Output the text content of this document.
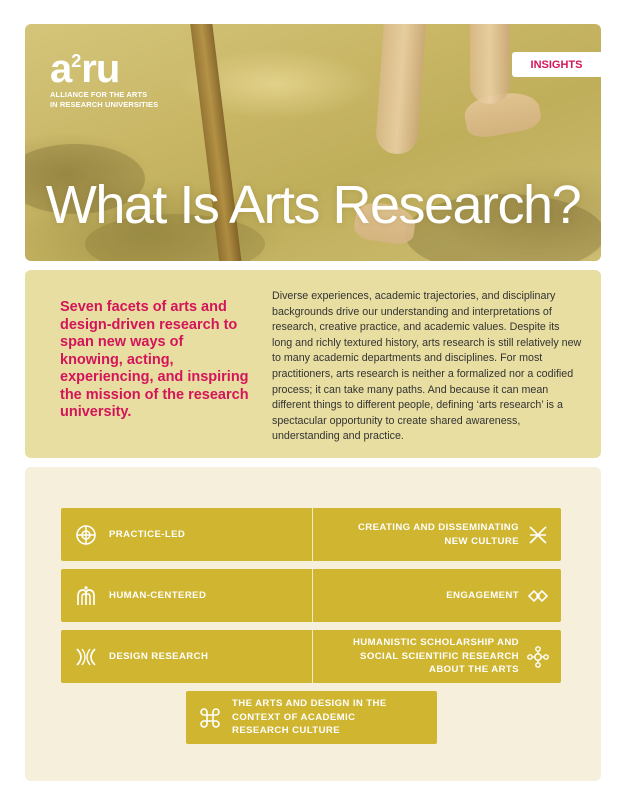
a 2 ru
ALLIANCE FOR THE ARTS
IN RESEARCH UNIVERSITIES
INSIGHTS
What Is Arts Research?
Seven facets of arts and design-driven research to span new ways of knowing, acting, experiencing, and inspiring the mission of the research university.
Diverse experiences, academic trajectories, and disciplinary backgrounds drive our understanding and interpretations of research, creative practice, and academic values. Despite its long and richly textured history, arts research is still relatively new to many academic departments and disciplines. For most practitioners, arts research is neither a formalized nor a codified process; it can take many paths. And because it can mean different things to different people, defining ‘arts research’ is a spectacular opportunity to create shared awareness, understanding and practice.
PRACTICE-LED
CREATING AND DISSEMINATING
NEW CULTURE
HUMAN-CENTERED	ENGAGEMENT
DESIGN RESEARCH
HUMANISTIC SCHOLARSHIP AND
SOCIAL SCIENTIFIC RESEARCH
ABOUT THE ARTS
THE ARTS AND DESIGN IN THE
CONTEXT OF ACADEMIC
RESEARCH CULTURE
